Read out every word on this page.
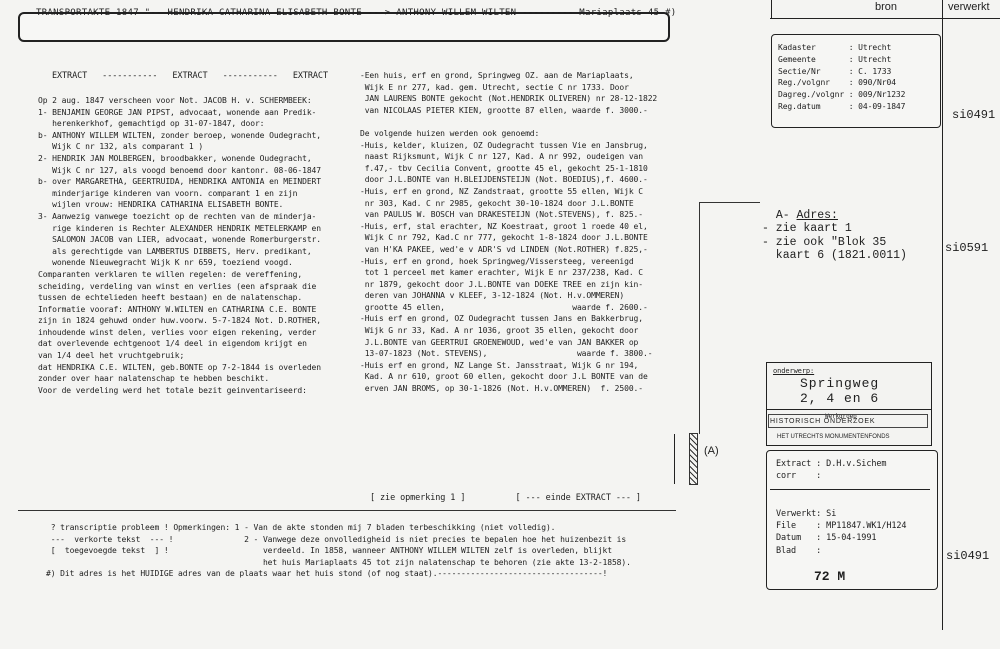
TRANSPORTAKTE 1847 "-- HENDRIKA CATHARINA ELISABETH BONTE ---> ANTHONY WILLEM WILTEN --------- Mariaplaats 45 #)
EXTRACT   -----------   EXTRACT   -----------   EXTRACT
Op 2 aug. 1847 verscheen voor Not. JACOB H. v. SCHERMBEEK:
1- BENJAMIN GEORGE JAN PIPST, advocaat, wonende aan Predik-
herenkerkhof, gemachtigd op 31-07-1847, door:
b- ANTHONY WILLEM WILTEN, zonder beroep, wonende Oudegracht,
Wijk C nr 132, als comparant 1 )
2- HENDRIK JAN MOLBERGEN, broodbakker, wonende Oudegracht,
Wijk C nr 127, als voogd benoemd door kantonr. 08-06-1847
b- over MARGARETHA, GEERTRUIDA, HENDRIKA ANTONIA en MEINDERT
minderjarige kinderen van voorn. comparant 1 en zijn
wijlen vrouw: HENDRIKA CATHARINA ELISABETH BONTE.
3- Aanwezig vanwege toezicht op de rechten van de minderja-
rige kinderen is Rechter ALEXANDER HENDRIK METELERKAMP en
SALOMON JACOB van LIER, advocaat, wonende Romerburgerstr.
als gerechtigde van LAMBERTUS DIBBETS, Herv. predikant,
wonende Nieuwegracht Wijk K nr 659, toeziend voogd.
Comparanten verklaren te willen regelen: de vereffening,
scheiding, verdeling van winst en verlies (een afspraak die
tussen de echtelieden heeft bestaan) en de nalatenschap.
Informatie vooraf: ANTHONY W.WILTEN en CATHARINA C.E. BONTE
zijn in 1824 gehuwd onder huw.voorw. 5-7-1824 Not. D.ROTHER,
inhoudende winst delen, verlies voor eigen rekening, verder
dat overlevende echtgenoot 1/4 deel in eigendom krijgt en
van 1/4 deel het vruchtgebruik;
dat HENDRIKA C.E. WILTEN, geb.BONTE op 7-2-1844 is overleden
zonder over haar nalatenschap te hebben beschikt.
Voor de verdeling werd het totale bezit geinventariseerd:
-Een huis, erf en grond, Springweg OZ. aan de Mariaplaats,
Wijk E nr 277, kad. gem. Utrecht, sectie C nr 1733. Door
JAN LAURENS BONTE gekocht (Not.HENDRIK OLIVEREN) nr 28-12-1822
van NICOLAAS PIETER KIEN, grootte 87 ellen, waarde f. 3000.-

De volgende huizen werden ook genoemd:
-Huis, kelder, kluizen, OZ Oudegracht tussen Vie en Jansbrug,
naast Rijksmunt, Wijk C nr 127, Kad. A nr 992, oudeigen van
f.47,- tbv Cecilia Convent, grootte 45 el, gekocht 25-1-1810
door J.L.BONTE van H.BLEIJDENSTEIJN (Not. BOEDIUS),f. 4600.-
-Huis, erf en grond, NZ Zandstraat, grootte 55 ellen, Wijk C
nr 303, Kad. C nr 2985, gekocht 30-10-1824 door J.L.BONTE
van PAULUS W. BOSCH van DRAKESTEIJN (Not.STEVENS), f. 825.-
-Huis, erf, stal erachter, NZ Koestraat, groot 1 roede 40 el,
Wijk C nr 792, Kad.C nr 777, gekocht 1-8-1824 door J.L.BONTE
van H'KA PAKEE, wed'e v ADR'S vd LINDEN (Not.ROTHER) f.825,-
-Huis, erf en grond, hoek Springweg/Vissersteeg, vereenigd
tot 1 perceel met kamer erachter, Wijk E nr 237/238, Kad. C
nr 1879, gekocht door J.L.BONTE van DOEKE TREE en zijn kin-
deren van JOHANNA v KLEEF, 3-12-1824 (Not. H.v.OMMEREN)
grootte 45 ellen,                           waarde f. 2600.-
-Huis erf en grond, OZ Oudegracht tussen Jans en Bakkerbrug,
Wijk G nr 33, Kad. A nr 1036, groot 35 ellen, gekocht door
J.L.BONTE van GEERTRUI GROENEWOUD, wed'e van JAN BAKKER op
13-07-1823 (Not. STEVENS),                   waarde f. 3800.-
-Huis erf en grond, NZ Lange St. Jansstraat, Wijk G nr 194,
Kad. A nr 610, groot 60 ellen, gekocht door J.L BONTE van de
erven JAN BROMS, op 30-1-1826 (Not. H.v.OMMEREN)  f. 2500.-
(A)
[ zie opmerking 1 ]          [ --- einde EXTRACT --- ]
? transcriptie probleem ! Opmerkingen: 1 - Van de akte stonden mij 7 bladen terbeschikking (niet volledig).
---  verkorte tekst  --- !               2 - Vanwege deze onvolledigheid is niet precies te bepalen hoe het huizenbezit is
[  toegevoegde tekst  ] !                    verdeeld. In 1858, wanneer ANTHONY WILLEM WILTEN zelf is overleden, blijkt
het huis Mariaplaats 45 tot zijn nalatenschap te behoren (zie akte 13-2-1858).
#) Dit adres is het HUIDIGE adres van de plaats waar het huis stond (of nog staat).-----------------------------------!
bron	verwerkt
Kadaster       : Utrecht
Gemeente       : Utrecht
Sectie/Nr      : C. 1733
Reg./volgnr    : 090/Nr04
Dagreg./volgnr : 009/Nr1232
Reg.datum      : 04-09-1847
si0491
si0591
si0491

A- Adres:

- zie kaart 1
- zie ook "Blok 35
kaart 6 (1821.0011)

onderwerp:
Springweg
2, 4 en 6
Werkgroep
HISTORISCH ONDERZOEK
HET UTRECHTS MONUMENTENFONDS
Extract : D.H.v.Sichem
corr    :

Verwerkt: Si
File    : MP11847.WK1/H124
Datum   : 15-04-1991
Blad    :
72 M
